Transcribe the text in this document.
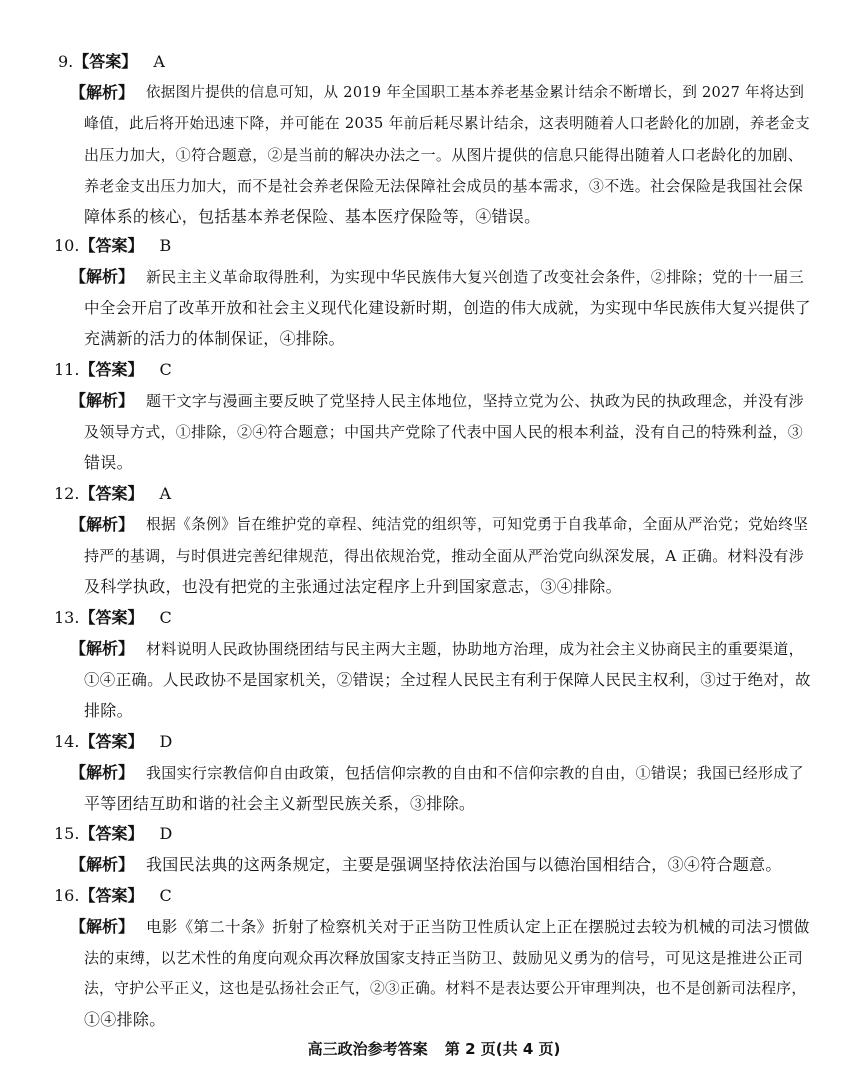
9.【答案】 A
【解析】 依据图片提供的信息可知，从 2019 年全国职工基本养老基金累计结余不断增长，到 2027 年将达到
峰值，此后将开始迅速下降，并可能在 2035 年前后耗尽累计结余，这表明随着人口老龄化的加剧，养老金支
出压力加大，①符合题意，②是当前的解决办法之一。从图片提供的信息只能得出随着人口老龄化的加剧、
养老金支出压力加大，而不是社会养老保险无法保障社会成员的基本需求，③不选。社会保险是我国社会保
障体系的核心，包括基本养老保险、基本医疗保险等，④错误。
10.【答案】 B
【解析】 新民主主义革命取得胜利，为实现中华民族伟大复兴创造了改变社会条件，②排除；党的十一届三
中全会开启了改革开放和社会主义现代化建设新时期，创造的伟大成就，为实现中华民族伟大复兴提供了
充满新的活力的体制保证，④排除。
11.【答案】 C
【解析】 题干文字与漫画主要反映了党坚持人民主体地位，坚持立党为公、执政为民的执政理念，并没有涉
及领导方式，①排除，②④符合题意；中国共产党除了代表中国人民的根本利益，没有自己的特殊利益，③
错误。
12.【答案】 A
【解析】 根据《条例》旨在维护党的章程、纯洁党的组织等，可知党勇于自我革命，全面从严治党；党始终坚
持严的基调，与时俱进完善纪律规范，得出依规治党，推动全面从严治党向纵深发展，A 正确。材料没有涉
及科学执政，也没有把党的主张通过法定程序上升到国家意志，③④排除。
13.【答案】 C
【解析】 材料说明人民政协围绕团结与民主两大主题，协助地方治理，成为社会主义协商民主的重要渠道，
①④正确。人民政协不是国家机关，②错误；全过程人民民主有利于保障人民民主权利，③过于绝对，故
排除。
14.【答案】 D
【解析】 我国实行宗教信仰自由政策，包括信仰宗教的自由和不信仰宗教的自由，①错误；我国已经形成了
平等团结互助和谐的社会主义新型民族关系，③排除。
15.【答案】 D
【解析】 我国民法典的这两条规定，主要是强调坚持依法治国与以德治国相结合，③④符合题意。
16.【答案】 C
【解析】 电影《第二十条》折射了检察机关对于正当防卫性质认定上正在摆脱过去较为机械的司法习惯做
法的束缚，以艺术性的角度向观众再次释放国家支持正当防卫、鼓励见义勇为的信号，可见这是推进公正司
法，守护公平正义，这也是弘扬社会正气，②③正确。材料不是表达要公开审理判决，也不是创新司法程序，
①④排除。
高三政治参考答案 第 2 页(共 4 页)
